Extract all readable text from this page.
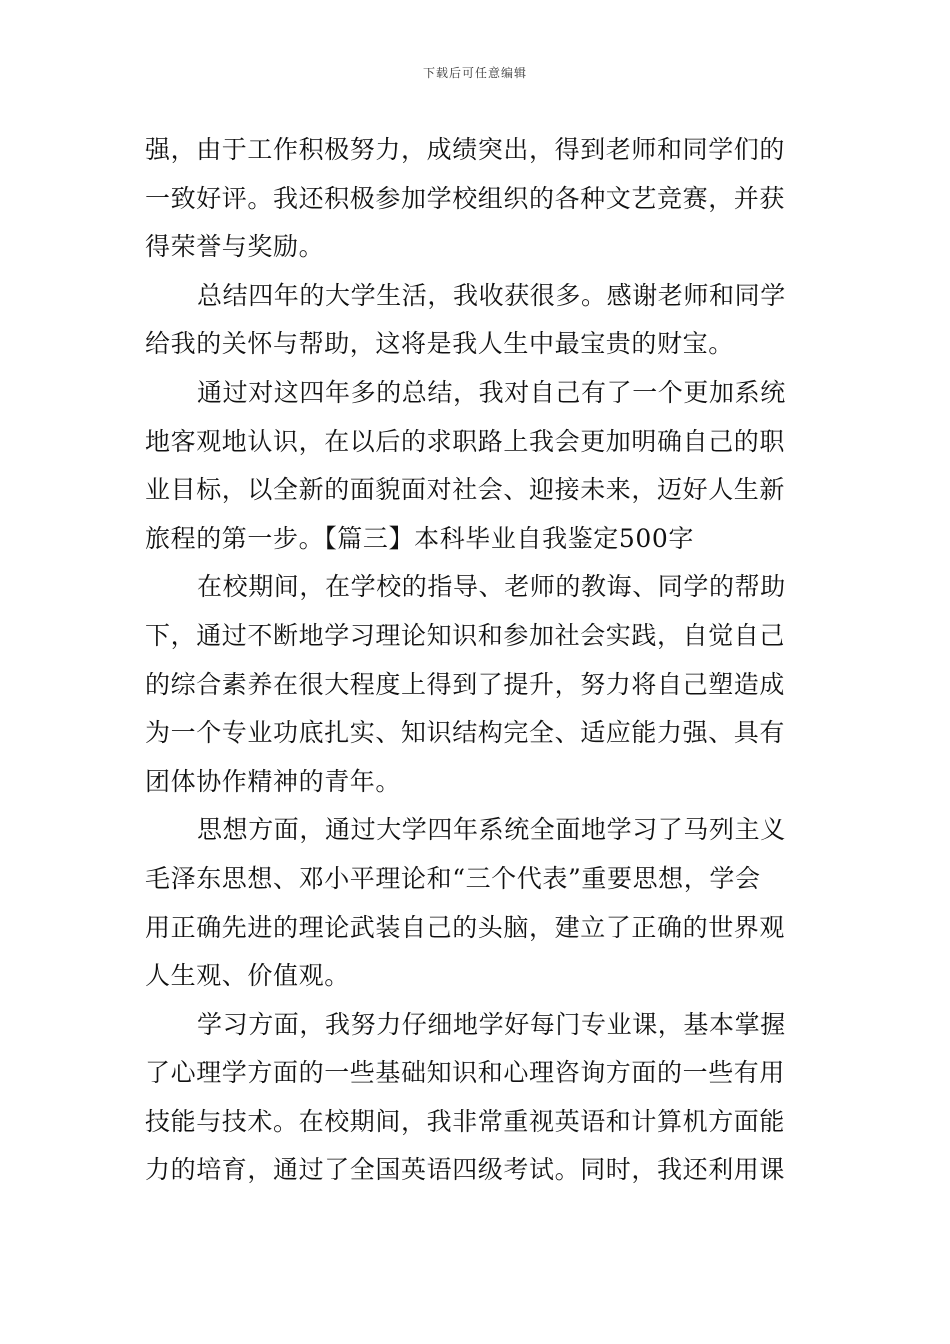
下载后可任意编辑
强，由于工作积极努力，成绩突出，得到老师和同学们的
一致好评。我还积极参加学校组织的各种文艺竞赛，并获
得荣誉与奖励。
总结四年的大学生活，我收获很多。感谢老师和同学
给我的关怀与帮助，这将是我人生中最宝贵的财宝。
通过对这四年多的总结，我对自己有了一个更加系统
地客观地认识，在以后的求职路上我会更加明确自己的职
业目标，以全新的面貌面对社会、迎接未来，迈好人生新
旅程的第一步。【篇三】本科毕业自我鉴定500字
在校期间，在学校的指导、老师的教诲、同学的帮助
下，通过不断地学习理论知识和参加社会实践，自觉自己
的综合素养在很大程度上得到了提升，努力将自己塑造成
为一个专业功底扎实、知识结构完全、适应能力强、具有
团体协作精神的青年。
思想方面，通过大学四年系统全面地学习了马列主义
毛泽东思想、邓小平理论和“三个代表”重要思想，学会
用正确先进的理论武装自己的头脑，建立了正确的世界观
人生观、价值观。
学习方面，我努力仔细地学好每门专业课，基本掌握
了心理学方面的一些基础知识和心理咨询方面的一些有用
技能与技术。在校期间，我非常重视英语和计算机方面能
力的培育，通过了全国英语四级考试。同时，我还利用课
